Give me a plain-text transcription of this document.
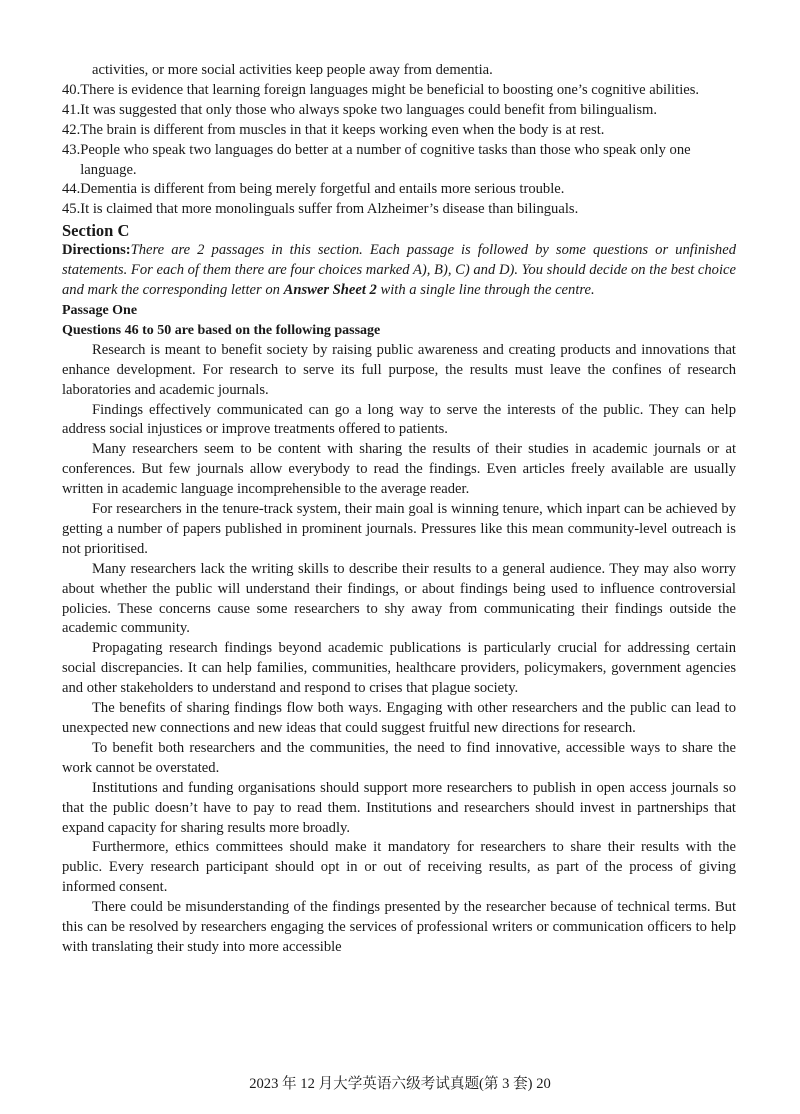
activities, or more social activities keep people away from dementia.
40. There is evidence that learning foreign languages might be beneficial to boosting one’s cognitive abilities.
41. It was suggested that only those who always spoke two languages could benefit from bilingualism.
42. The brain is different from muscles in that it keeps working even when the body is at rest.
43. People who speak two languages do better at a number of cognitive tasks than those who speak only one language.
44. Dementia is different from being merely forgetful and entails more serious trouble.
45. It is claimed that more monolinguals suffer from Alzheimer’s disease than bilinguals.
Section C
Directions:There are 2 passages in this section. Each passage is followed by some questions or unfinished statements. For each of them there are four choices marked A), B), C) and D). You should decide on the best choice and mark the corresponding letter on Answer Sheet 2 with a single line through the centre.
Passage One
Questions 46 to 50 are based on the following passage

Research is meant to benefit society by raising public awareness and creating products and innovations that enhance development. For research to serve its full purpose, the results must leave the confines of research laboratories and academic journals.

Findings effectively communicated can go a long way to serve the interests of the public. They can help address social injustices or improve treatments offered to patients.

Many researchers seem to be content with sharing the results of their studies in academic journals or at conferences. But few journals allow everybody to read the findings. Even articles freely available are usually written in academic language incomprehensible to the average reader.

For researchers in the tenure-track system, their main goal is winning tenure, which inpart can be achieved by getting a number of papers published in prominent journals. Pressures like this mean community-level outreach is not prioritised.

Many researchers lack the writing skills to describe their results to a general audience. They may also worry about whether the public will understand their findings, or about findings being used to influence controversial policies. These concerns cause some researchers to shy away from communicating their findings outside the academic community.

Propagating research findings beyond academic publications is particularly crucial for addressing certain social discrepancies. It can help families, communities, healthcare providers, policymakers, government agencies and other stakeholders to understand and respond to crises that plague society.

The benefits of sharing findings flow both ways. Engaging with other researchers and the public can lead to unexpected new connections and new ideas that could suggest fruitful new directions for research.

To benefit both researchers and the communities, the need to find innovative, accessible ways to share the work cannot be overstated.

Institutions and funding organisations should support more researchers to publish in open access journals so that the public doesn’t have to pay to read them. Institutions and researchers should invest in partnerships that expand capacity for sharing results more broadly.

Furthermore, ethics committees should make it mandatory for researchers to share their results with the public. Every research participant should opt in or out of receiving results, as part of the process of giving informed consent.

There could be misunderstanding of the findings presented by the researcher because of technical terms. But this can be resolved by researchers engaging the services of professional writers or communication officers to help with translating their study into more accessible

2023 年 12 月大学英语六级考试真题(第 3 套) 20
